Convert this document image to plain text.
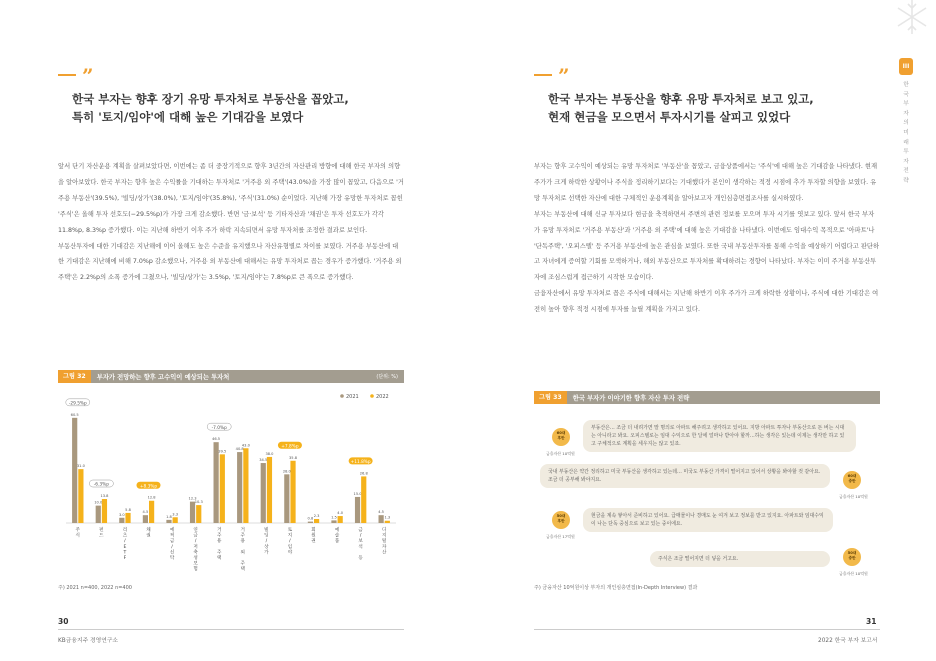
”
한국 부자는 향후 장기 유망 투자처로 부동산을 꼽았고,
특히 '토지/임야'에 대해 높은 기대감을 보였다

앞서 단기 자산운용 계획을 살펴보았다면, 이번에는 좀 더 중장기적으로 향후 3년간의 자산관리 방향에 대해 한국 부자의 의향을 알아보았다. 한국 부자는 향후 높은 수익률을 기대하는 투자처로 '거주용 외 주택'(43.0%)을 가장 많이 꼽았고, 다음으로 '거주용 부동산'(39.5%), '빌딩/상가'(38.0%), '토지/임야'(35.8%), '주식'(31.0%) 순이었다. 지난해 가장 유망한 투자처로 꼽힌 '주식'은 올해 투자 선호도(−29.5%p)가 가장 크게 감소했다. 반면 '금·보석' 등 기타자산과 '채권'은 투자 선호도가 각각 11.8%p, 8.3%p 증가했다. 이는 지난해 하반기 이후 주가 하락 지속되면서 유망 투자처를 조정한 결과로 보인다.

부동산투자에 대한 기대감은 지난해에 이어 올해도 높은 수준을 유지했으나 자산유형별로 차이를 보였다. 거주용 부동산에 대한 기대감은 지난해에 비해 7.0%p 감소했으나, 거주용 외 부동산에 대해서는 유망 투자처로 꼽는 경우가 증가했다. '거주용 외 주택'은 2.2%p의 소폭 증가에 그쳤으나, '빌딩/상가'는 3.5%p, '토지/임야'는 7.8%p로 큰 폭으로 증가했다.

그림 32	부자가 전망하는 향후 고수익이 예상되는 투자처	(단위: %)
2021	2022
60.5
31.0
주 식
10.0
13.8
펀 드
3.0
5.8
리 츠 / E T F
4.5
12.8
채 권
1.8
3.3
예 적 금 / 신 탁
12.3
10.3
연 금 / 저 축 성 보 험
46.5
39.5
거 주 용 주 택
40.8
43.0
거 주 용 외 주 택
34.5
38.0
빌 딩 / 상 가
28.0
35.8
토 지 / 임 야
0.8
2.3
회 원 권
1.5
4.0
예 술 품
15.0
26.8
금 / 보 석 등
4.5
1.3
디 지 털 자 산
-29.5%p
-6.3%p	+8.3%p
-7.0%p
+7.8%p
+11.8%p
주) 2021 n=400, 2022 n=400
30
KB금융지주 경영연구소
III
한국 부자의 미래 투자 전략
”
한국 부자는 부동산을 향후 유망 투자처로 보고 있고,
현재 현금을 모으면서 투자시기를 살피고 있었다

부자는 향후 고수익이 예상되는 유망 투자처로 '부동산'을 꼽았고, 금융상품에서는 '주식'에 대해 높은 기대감을 나타냈다. 현재 주가가 크게 하락한 상황이나 주식을 정리하기보다는 기대했다가 본인이 생각하는 적정 시점에 추가 투자할 의향을 보였다. 유망 투자처로 선택한 자산에 대한 구체적인 운용계획을 알아보고자 개인심층면접조사를 실시하였다.

부자는 부동산에 대해 신규 투자보다 현금을 축적하면서 주변의 관련 정보를 모으며 투자 시기를 엿보고 있다. 앞서 한국 부자가 유망 투자처로 '거주용 부동산'과 '거주용 외 주택'에 대해 높은 기대감을 나타냈다. 이번에도 임대수익 목적으로 '아파트'나 '단독주택', '오피스텔' 등 주거용 부동산에 높은 관심을 보였다. 또한 국내 부동산투자를 통해 수익을 예상하기 어렵다고 판단하고 자녀에게 증여할 기회를 모색하거나, 해외 부동산으로 투자처를 확대하려는 경향이 나타났다. 부자는 이미 주거용 부동산투자에 조심스럽게 접근하기 시작한 모습이다.

금융자산에서 유망 투자처로 꼽은 주식에 대해서는 지난해 하반기 이후 주가가 크게 하락한 상황이나, 주식에 대한 기대감은 여전히 높아 향후 적정 시점에 투자를 늘릴 계획을 가지고 있다.

그림 33	한국 부자가 이야기한 향후 자산 투자 전략
60대
후반
금융자산 10억원
부동산은… 조금 더 내려가면 말 명의로 아파트 해주려고 생각하고 있어요. 지방 아파트 투자나 부동산으로 돈 버는 시대는 아니라고 봐요. 오피스텔로는 임대 수익으로 한 달에 얼마나 받아야 할까…하는 생각은 있는데 이제는 생각만 하고 있고 구체적으로 계획을 세우지는 않고 있죠.
국내 부동산은 약간 정리하고 미국 부동산을 생각하고 있는데… 미국도 부동산 가격이 떨어지고 있어서 상황을 봐야할 것 같아요. 조금 더 공부해 봐야지요.
60대
중반
금융자산 10억원
50대
후반
금융자산 17억원
현금을 계속 쌓아서 준비하고 있어요. 급매물이나 경매도 눈 여겨 보고 정보를 받고 있지요. 아파트와 임대수익이 나는 단독 중심으로 보고 있는 중이에요.
주식은 조금 떨어지면 더 넣을 거고요.
50대
중반
금융자산 10억원
주) 금융자산 10억원이상 부자의 개인심층면접(In-Depth Interview) 결과
31
2022 한국 부자 보고서
